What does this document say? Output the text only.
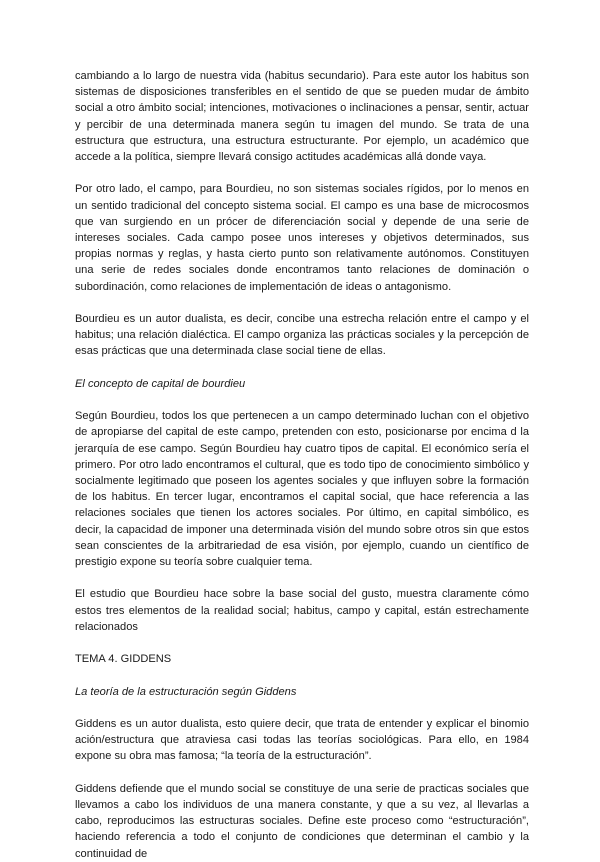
cambiando a lo largo de nuestra vida (habitus secundario). Para este autor los habitus son sistemas de disposiciones transferibles en el sentido de que se pueden mudar de ámbito social a otro ámbito social; intenciones, motivaciones o inclinaciones a pensar, sentir, actuar y percibir de una determinada manera según tu imagen del mundo. Se trata de una estructura que estructura, una estructura estructurante. Por ejemplo, un académico que accede a la política, siempre llevará consigo actitudes académicas allá donde vaya.

Por otro lado, el campo, para Bourdieu, no son sistemas sociales rígidos, por lo menos en un sentido tradicional del concepto sistema social. El campo es una base de microcosmos que van surgiendo en un prócer de diferenciación social y depende de una serie de intereses sociales. Cada campo posee unos intereses y objetivos determinados, sus propias normas y reglas, y hasta cierto punto son relativamente autónomos. Constituyen una serie de redes sociales donde encontramos tanto relaciones de dominación o subordinación, como relaciones de implementación de ideas o antagonismo.

Bourdieu es un autor dualista, es decir, concibe una estrecha relación entre el campo y el habitus; una relación dialéctica. El campo organiza las prácticas sociales y la percepción de esas prácticas que una determinada clase social tiene de ellas.

El concepto de capital de bourdieu

Según Bourdieu, todos los que pertenecen a un campo determinado luchan con el objetivo de apropiarse del capital de este campo, pretenden con esto, posicionarse por encima d la jerarquía de ese campo. Según Bourdieu hay cuatro tipos de capital. El económico sería el primero. Por otro lado encontramos el cultural, que es todo tipo de conocimiento simbólico y socialmente legitimado que poseen los agentes sociales y que influyen sobre la formación de los habitus. En tercer lugar, encontramos el capital social, que hace referencia a las relaciones sociales que tienen los actores sociales. Por último, en capital simbólico, es decir, la capacidad de imponer una determinada visión del mundo sobre otros sin que estos sean conscientes de la arbitrariedad de esa visión, por ejemplo, cuando un científico de prestigio expone su teoría sobre cualquier tema.

El estudio que Bourdieu hace sobre la base social del gusto, muestra claramente cómo estos tres elementos de la realidad social; habitus, campo y capital, están estrechamente relacionados

TEMA 4. GIDDENS

La teoría de la estructuración según Giddens

Giddens es un autor dualista, esto quiere decir, que trata de entender y explicar el binomio ación/estructura que atraviesa casi todas las teorías sociológicas. Para ello, en 1984 expone su obra mas famosa; “la teoría de la estructuración”.

Giddens defiende que el mundo social se constituye de una serie de practicas sociales que llevamos a cabo los individuos de una manera constante, y que a su vez, al llevarlas a cabo, reproducimos las estructuras sociales. Define este proceso como “estructuración”, haciendo referencia a todo el conjunto de condiciones que determinan el cambio y la continuidad de
